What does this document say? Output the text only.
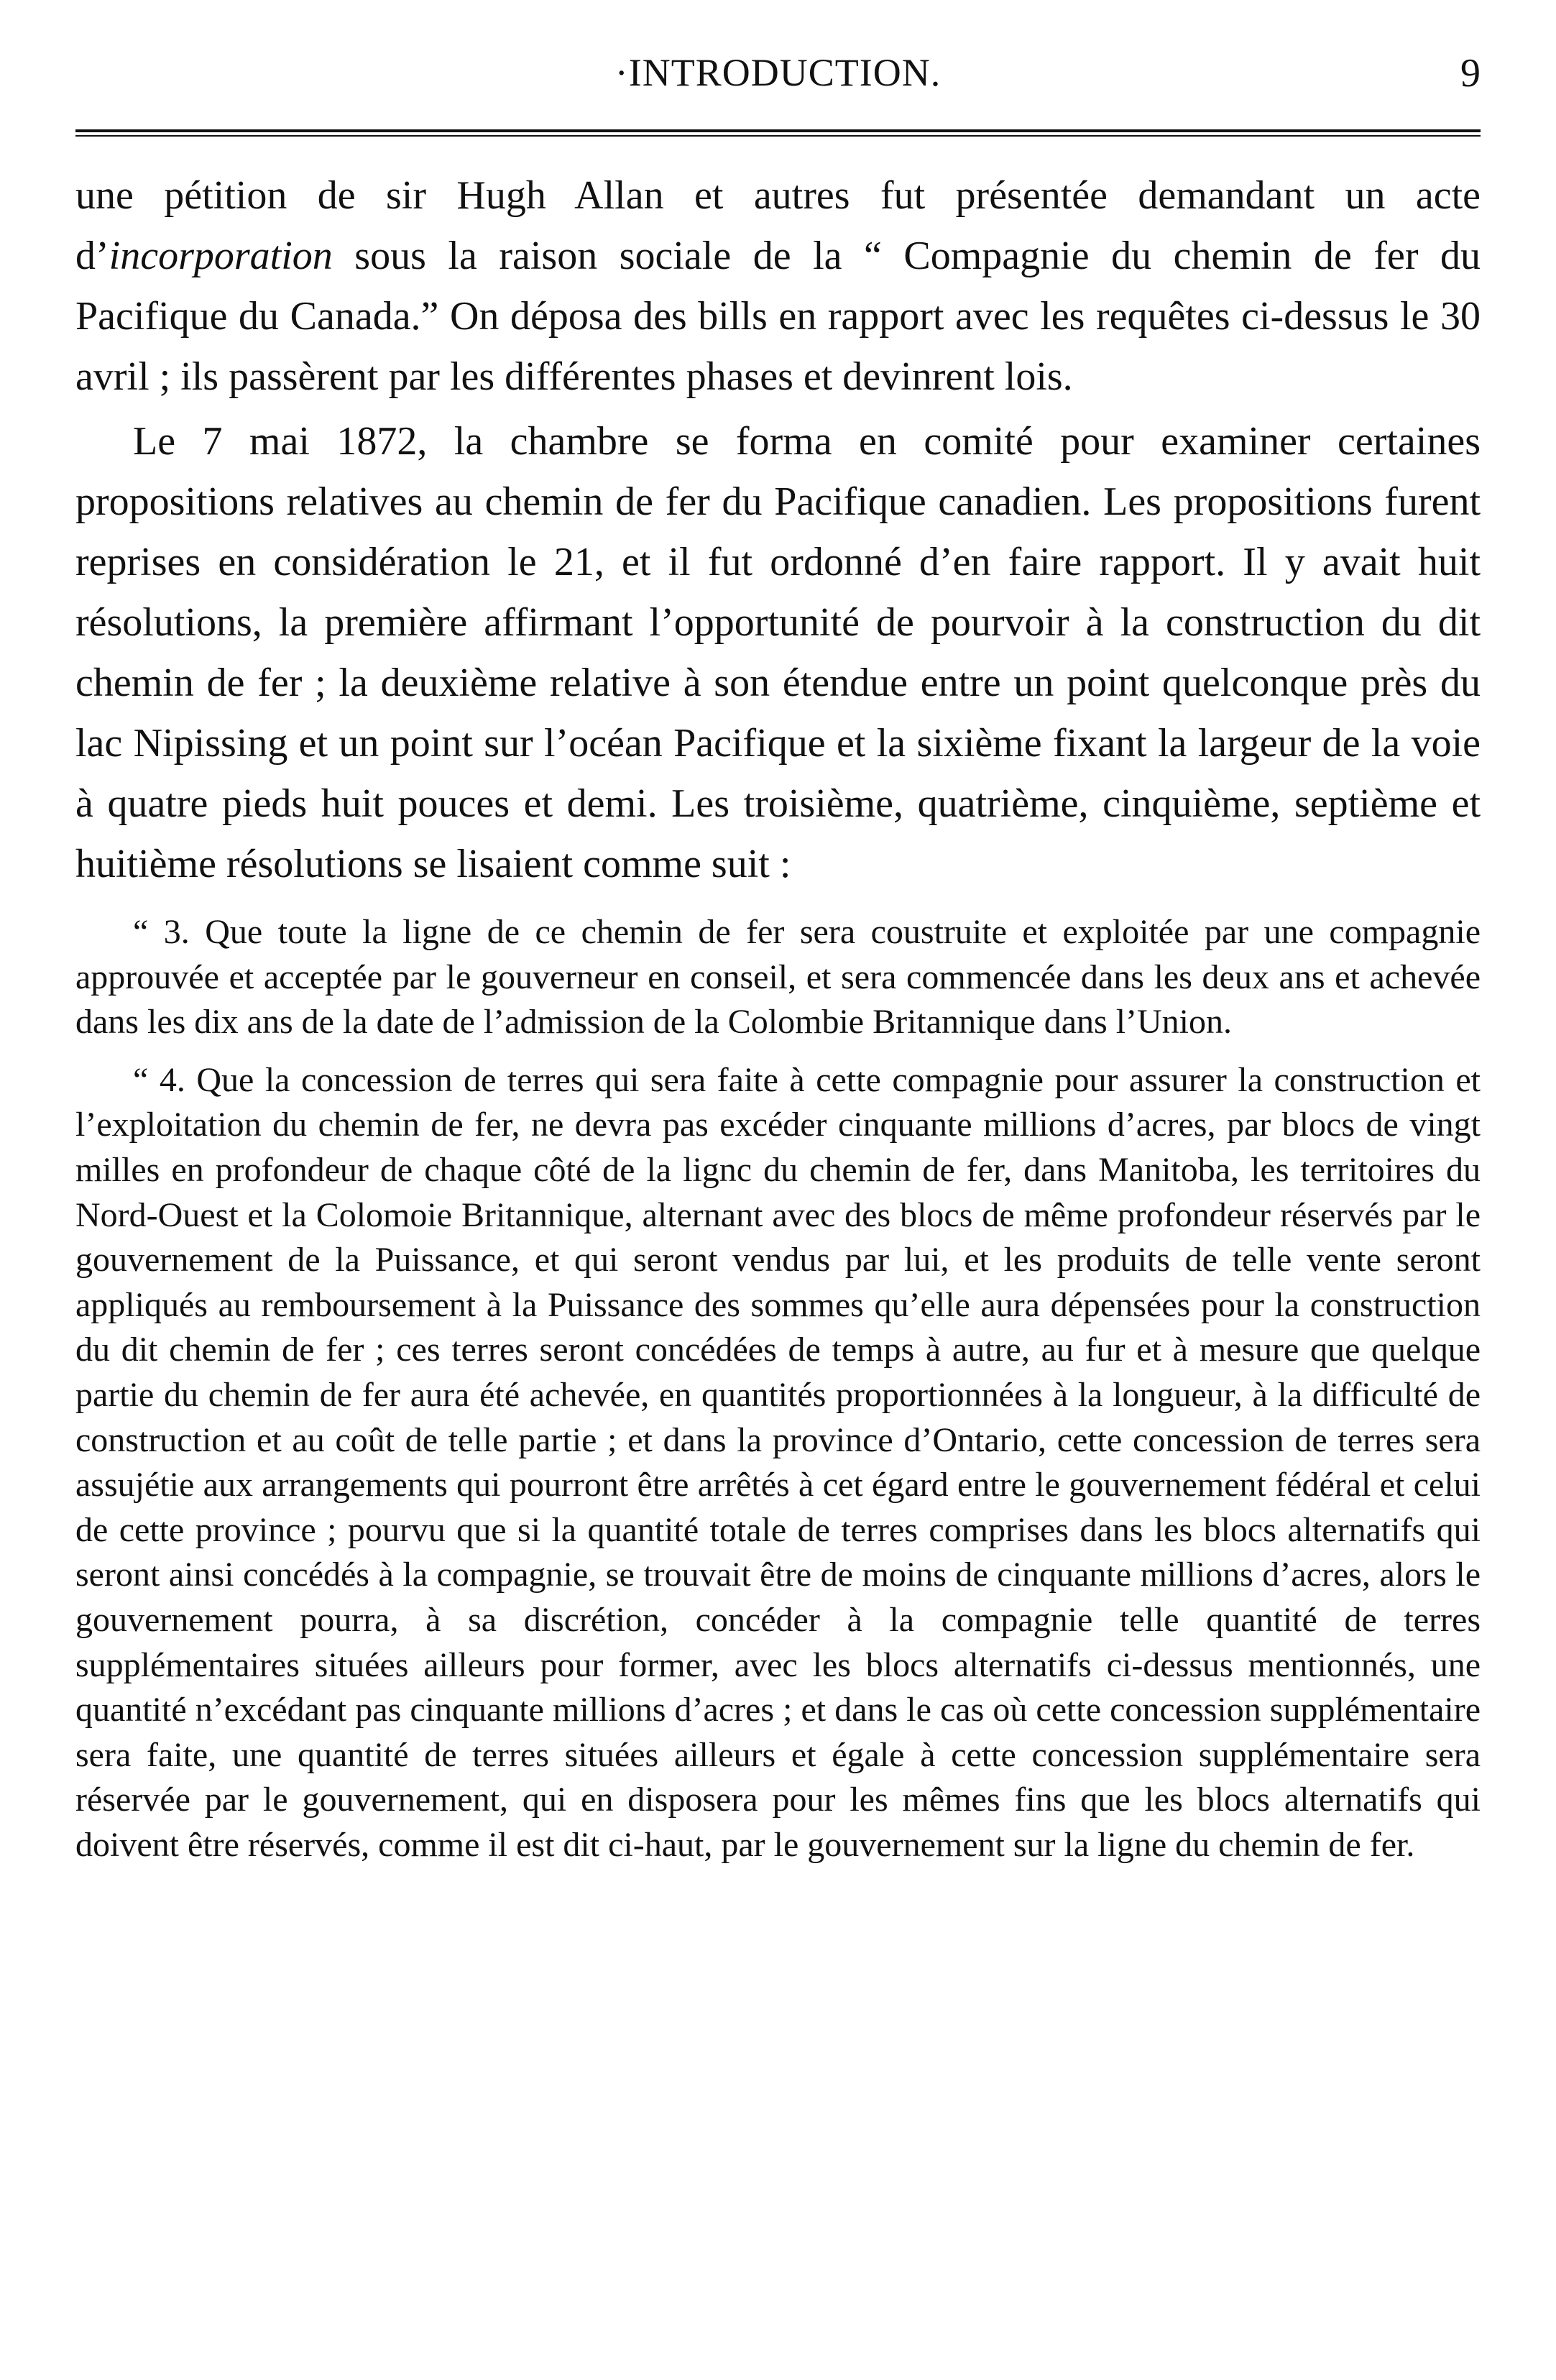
·INTRODUCTION.	9

une pétition de sir Hugh Allan et autres fut présentée demandant un acte d’incorporation sous la raison sociale de la “ Compagnie du chemin de fer du Pacifique du Canada.” On déposa des bills en rapport avec les requêtes ci-dessus le 30 avril ; ils passèrent par les différentes phases et devinrent lois.

Le 7 mai 1872, la chambre se forma en comité pour examiner certaines propositions relatives au chemin de fer du Pacifique canadien. Les propositions furent reprises en considération le 21, et il fut ordonné d’en faire rapport. Il y avait huit résolutions, la première affirmant l’opportunité de pourvoir à la construction du dit chemin de fer ; la deuxième relative à son étendue entre un point quelconque près du lac Nipissing et un point sur l’océan Pacifique et la sixième fixant la largeur de la voie à quatre pieds huit pouces et demi. Les troisième, quatrième, cinquième, septième et huitième résolutions se lisaient comme suit :

“ 3. Que toute la ligne de ce chemin de fer sera coustruite et exploitée par une compagnie approuvée et acceptée par le gouverneur en conseil, et sera commencée dans les deux ans et achevée dans les dix ans de la date de l’admission de la Colombie Britannique dans l’Union.

“ 4. Que la concession de terres qui sera faite à cette compagnie pour assurer la construction et l’exploitation du chemin de fer, ne devra pas excéder cinquante millions d’acres, par blocs de vingt milles en profondeur de chaque côté de la lignc du chemin de fer, dans Manitoba, les territoires du Nord-Ouest et la Colomoie Britannique, alternant avec des blocs de même profondeur réservés par le gouvernement de la Puissance, et qui seront vendus par lui, et les produits de telle vente seront appliqués au remboursement à la Puissance des sommes qu’elle aura dépensées pour la construction du dit chemin de fer ; ces terres seront concédées de temps à autre, au fur et à mesure que quelque partie du chemin de fer aura été achevée, en quantités proportionnées à la longueur, à la difficulté de construction et au coût de telle partie ; et dans la province d’Ontario, cette concession de terres sera assujétie aux arrangements qui pourront être arrêtés à cet égard entre le gouvernement fédéral et celui de cette province ; pourvu que si la quantité totale de terres comprises dans les blocs alternatifs qui seront ainsi concédés à la compagnie, se trouvait être de moins de cinquante millions d’acres, alors le gouvernement pourra, à sa discrétion, concéder à la compagnie telle quantité de terres supplémentaires situées ailleurs pour former, avec les blocs alternatifs ci-dessus mentionnés, une quantité n’excédant pas cinquante millions d’acres ; et dans le cas où cette concession supplémentaire sera faite, une quantité de terres situées ailleurs et égale à cette concession supplémentaire sera réservée par le gouvernement, qui en disposera pour les mêmes fins que les blocs alternatifs qui doivent être réservés, comme il est dit ci-haut, par le gouvernement sur la ligne du chemin de fer.
